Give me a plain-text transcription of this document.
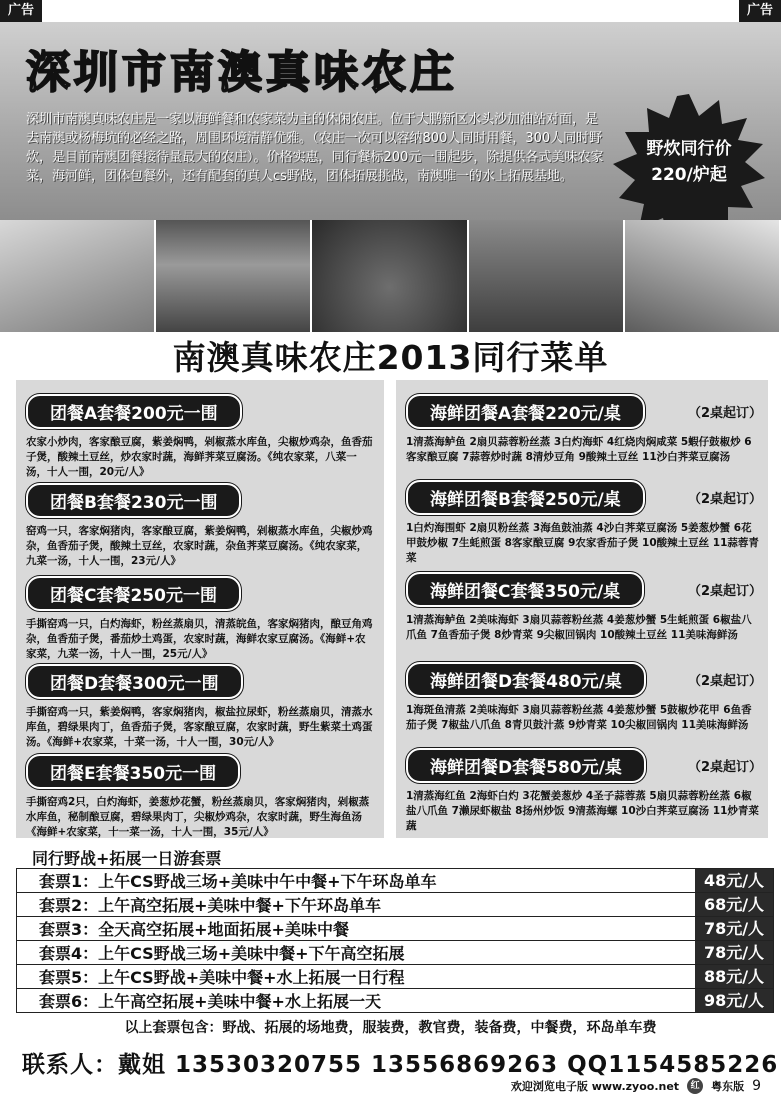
广告	广告
深圳市南澳真味农庄
深圳市南澳真味农庄是一家以海鲜餐和农家菜为主的休闲农庄。位于大鹏新区水头沙加油站对面，是去南澳或杨梅坑的必经之路，周围环境清静优雅。（农庄一次可以容纳800人同时用餐，300人同时野炊，是目前南澳团餐接待量最大的农庄）。价格实惠，同行餐标200元一围起步，除提供各式美味农家菜，海河鲜，团体包餐外，还有配套的真人cs野战，团体拓展挑战，南澳唯一的水上拓展基地。
野炊同行价
220/炉起
南澳真味农庄2013同行菜单
团餐A套餐200元一围
农家小炒肉，客家酿豆腐，紫姜焖鸭，剁椒蒸水库鱼，尖椒炒鸡杂，鱼香茄子煲，酸辣土豆丝，炒农家时蔬，海鲜荠菜豆腐汤。《纯农家菜，八菜一汤，十人一围，20元/人》
团餐B套餐230元一围
窑鸡一只，客家焖猪肉，客家酿豆腐，紫姜焖鸭，剁椒蒸水库鱼，尖椒炒鸡杂，鱼香茄子煲，酸辣土豆丝，农家时蔬，杂鱼荠菜豆腐汤。《纯农家菜，九菜一汤，十人一围，23元/人》
团餐C套餐250元一围
手撕窑鸡一只，白灼海虾，粉丝蒸扇贝，清蒸皖鱼，客家焖猪肉，酿豆角鸡杂，鱼香茄子煲，番茄炒土鸡蛋，农家时蔬，海鲜农家豆腐汤。《海鲜+农家菜，九菜一汤，十人一围，25元/人》
团餐D套餐300元一围
手撕窑鸡一只，紫姜焖鸭，客家焖猪肉，椒盐拉尿虾，粉丝蒸扇贝，清蒸水库鱼，碧绿果肉丁，鱼香茄子煲，客家酿豆腐，农家时蔬，野生紫菜土鸡蛋汤。《海鲜+农家菜，十菜一汤，十人一围，30元/人》
团餐E套餐350元一围
手撕窑鸡2只，白灼海虾，姜葱炒花蟹，粉丝蒸扇贝，客家焖猪肉，剁椒蒸水库鱼，秘制酿豆腐，碧绿果肉丁，尖椒炒鸡杂，农家时蔬，野生海鱼汤《海鲜+农家菜，十一菜一汤，十人一围，35元/人》
海鲜团餐A套餐220元/桌	（2桌起订）
1清蒸海鲈鱼 2扇贝蒜蓉粉丝蒸 3白灼海虾 4红烧肉焖咸菜 5蝦仔鼓椒炒 6客家酿豆腐 7蒜蓉炒时蔬 8清炒豆角 9酸辣土豆丝 11沙白荠菜豆腐汤
海鲜团餐B套餐250元/桌	（2桌起订）
1白灼海围虾 2扇贝粉丝蒸 3海鱼鼓油蒸 4沙白荠菜豆腐汤 5姜葱炒蟹 6花甲鼓炒椒 7生蚝煎蛋 8客家酿豆腐 9农家香茄子煲 10酸辣土豆丝 11蒜蓉青菜
海鲜团餐C套餐350元/桌	（2桌起订）
1清蒸海鲈鱼 2美味海虾 3扇贝蒜蓉粉丝蒸 4姜葱炒蟹 5生蚝煎蛋 6椒盐八爪鱼 7鱼香茄子煲 8炒青菜 9尖椒回锅肉 10酸辣土豆丝 11美味海鲜汤
海鲜团餐D套餐480元/桌	（2桌起订）
1海斑鱼清蒸 2美味海虾 3扇贝蒜蓉粉丝蒸 4姜葱炒蟹 5鼓椒炒花甲 6鱼香茄子煲 7椒盐八爪鱼 8青贝鼓汁蒸 9炒青菜 10尖椒回锅肉 11美味海鲜汤
海鲜团餐D套餐580元/桌	（2桌起订）
1清蒸海红鱼 2海虾白灼 3花蟹姜葱炒 4圣子蒜蓉蒸 5扇贝蒜蓉粉丝蒸 6椒盐八爪鱼 7濑尿虾椒盐 8扬州炒饭 9清蒸海螺 10沙白荠菜豆腐汤 11炒青菜蔬
同行野战+拓展一日游套票
套票1：上午CS野战三场+美味中午中餐+下午环岛单车	48元/人
套票2：上午高空拓展+美味中餐+下午环岛单车	68元/人
套票3：全天高空拓展+地面拓展+美味中餐	78元/人
套票4：上午CS野战三场+美味中餐+下午高空拓展	78元/人
套票5：上午CS野战+美味中餐+水上拓展一日行程	88元/人
套票6：上午高空拓展+美味中餐+水上拓展一天	98元/人
以上套票包含：野战、拓展的场地费，服装费，教官费，装备费，中餐费，环岛单车费
联系人：戴姐 13530320755 13556869263 QQ1154585226
欢迎浏览电子版 www.zyoo.net	红	粤东版 9
